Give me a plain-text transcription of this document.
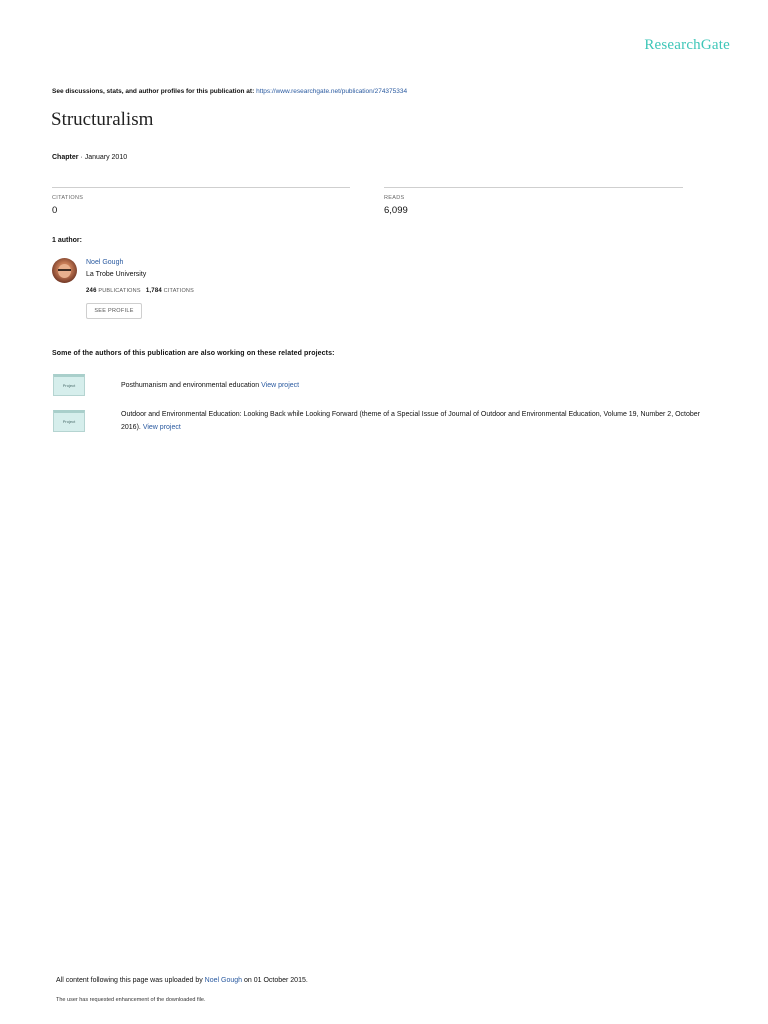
ResearchGate
See discussions, stats, and author profiles for this publication at: https://www.researchgate.net/publication/274375334
Structuralism
Chapter · January 2010
CITATIONS
0
READS
6,099
1 author:
Noel Gough
La Trobe University
246 PUBLICATIONS 1,784 CITATIONS
SEE PROFILE
Some of the authors of this publication are also working on these related projects:
Project	Posthumanism and environmental education View project
Project
Outdoor and Environmental Education: Looking Back while Looking Forward (theme of a Special Issue of Journal of Outdoor and Environmental Education, Volume 19, Number 2, October 2016). View project
All content following this page was uploaded by Noel Gough on 01 October 2015.
The user has requested enhancement of the downloaded file.
